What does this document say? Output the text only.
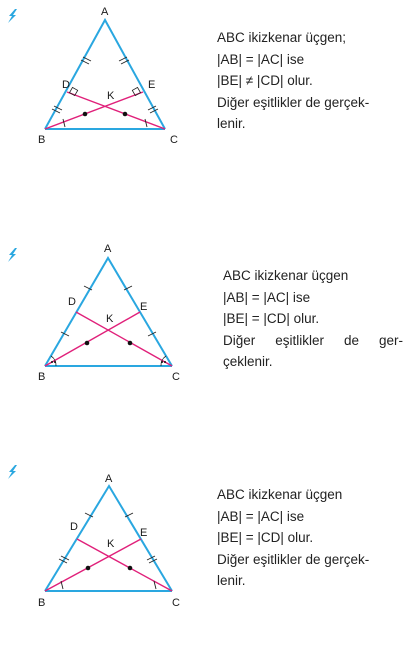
A
B	C
D	E
K
ABC ikizkenar üçgen;
|AB| = |AC| ise
|BE| ≠ |CD| olur.
Diğer eşitlikler de gerçek-
lenir.
A
B	C
D	E
K
ABC ikizkenar üçgen
|AB| = |AC| ise
|BE| = |CD| olur.
Diğer eşitlikler de ger-
çeklenir.
A
B	C
D	E
K
ABC ikizkenar üçgen
|AB| = |AC| ise
|BE| = |CD| olur.
Diğer eşitlikler de gerçek-
lenir.
